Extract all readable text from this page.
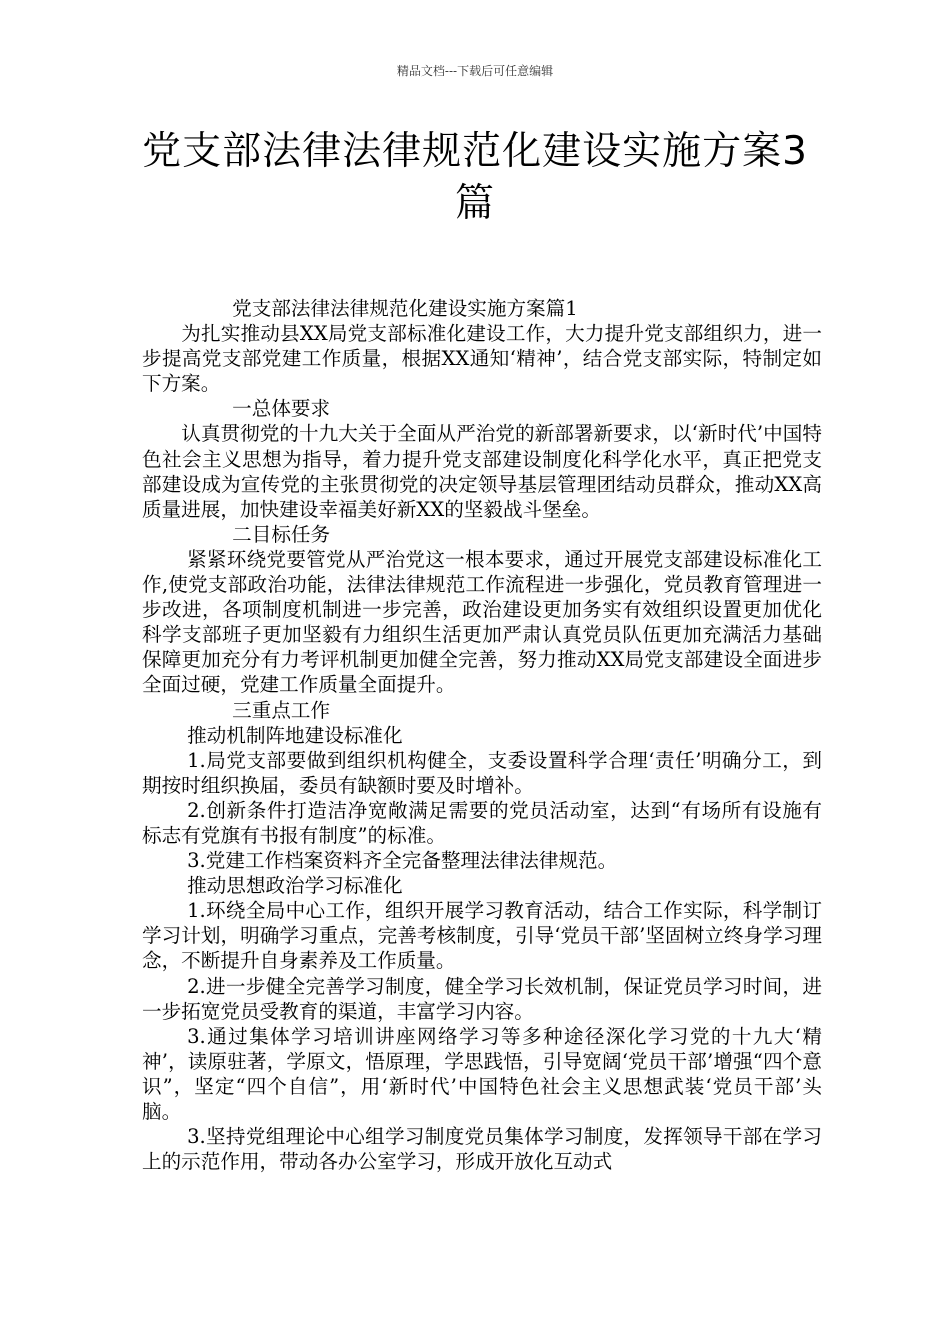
精品文档---下载后可任意编辑
党支部法律法律规范化建设实施方案3篇

党支部法律法律规范化建设实施方案篇1

为扎实推动县XX局党支部标准化建设工作，大力提升党支部组织力，进一步提高党支部党建工作质量，根据XX通知‘精神’，结合党支部实际，特制定如下方案。

一总体要求

认真贯彻党的十九大关于全面从严治党的新部署新要求，以‘新时代’中国特色社会主义思想为指导，着力提升党支部建设制度化科学化水平，真正把党支部建设成为宣传党的主张贯彻党的决定领导基层管理团结动员群众，推动XX高质量进展，加快建设幸福美好新XX的坚毅战斗堡垒。

二目标任务

紧紧环绕党要管党从严治党这一根本要求，通过开展党支部建设标准化工作,使党支部政治功能，法律法律规范工作流程进一步强化，党员教育管理进一步改进，各项制度机制进一步完善，政治建设更加务实有效组织设置更加优化科学支部班子更加坚毅有力组织生活更加严肃认真党员队伍更加充满活力基础保障更加充分有力考评机制更加健全完善，努力推动XX局党支部建设全面进步全面过硬，党建工作质量全面提升。

三重点工作

推动机制阵地建设标准化

1.局党支部要做到组织机构健全，支委设置科学合理‘责任’明确分工，到期按时组织换届，委员有缺额时要及时增补。

2.创新条件打造洁净宽敞满足需要的党员活动室，达到“有场所有设施有标志有党旗有书报有制度”的标准。

3.党建工作档案资料齐全完备整理法律法律规范。

推动思想政治学习标准化

1.环绕全局中心工作，组织开展学习教育活动，结合工作实际，科学制订学习计划，明确学习重点，完善考核制度，引导‘党员干部’坚固树立终身学习理念，不断提升自身素养及工作质量。

2.进一步健全完善学习制度，健全学习长效机制，保证党员学习时间，进一步拓宽党员受教育的渠道，丰富学习内容。

3.通过集体学习培训讲座网络学习等多种途径深化学习党的十九大‘精神’，读原驻著，学原文，悟原理，学思践悟，引导宽阔‘党员干部’增强“四个意识”，坚定“四个自信”，用‘新时代’中国特色社会主义思想武装‘党员干部’头脑。

3.坚持党组理论中心组学习制度党员集体学习制度，发挥领导干部在学习上的示范作用，带动各办公室学习，形成开放化互动式
